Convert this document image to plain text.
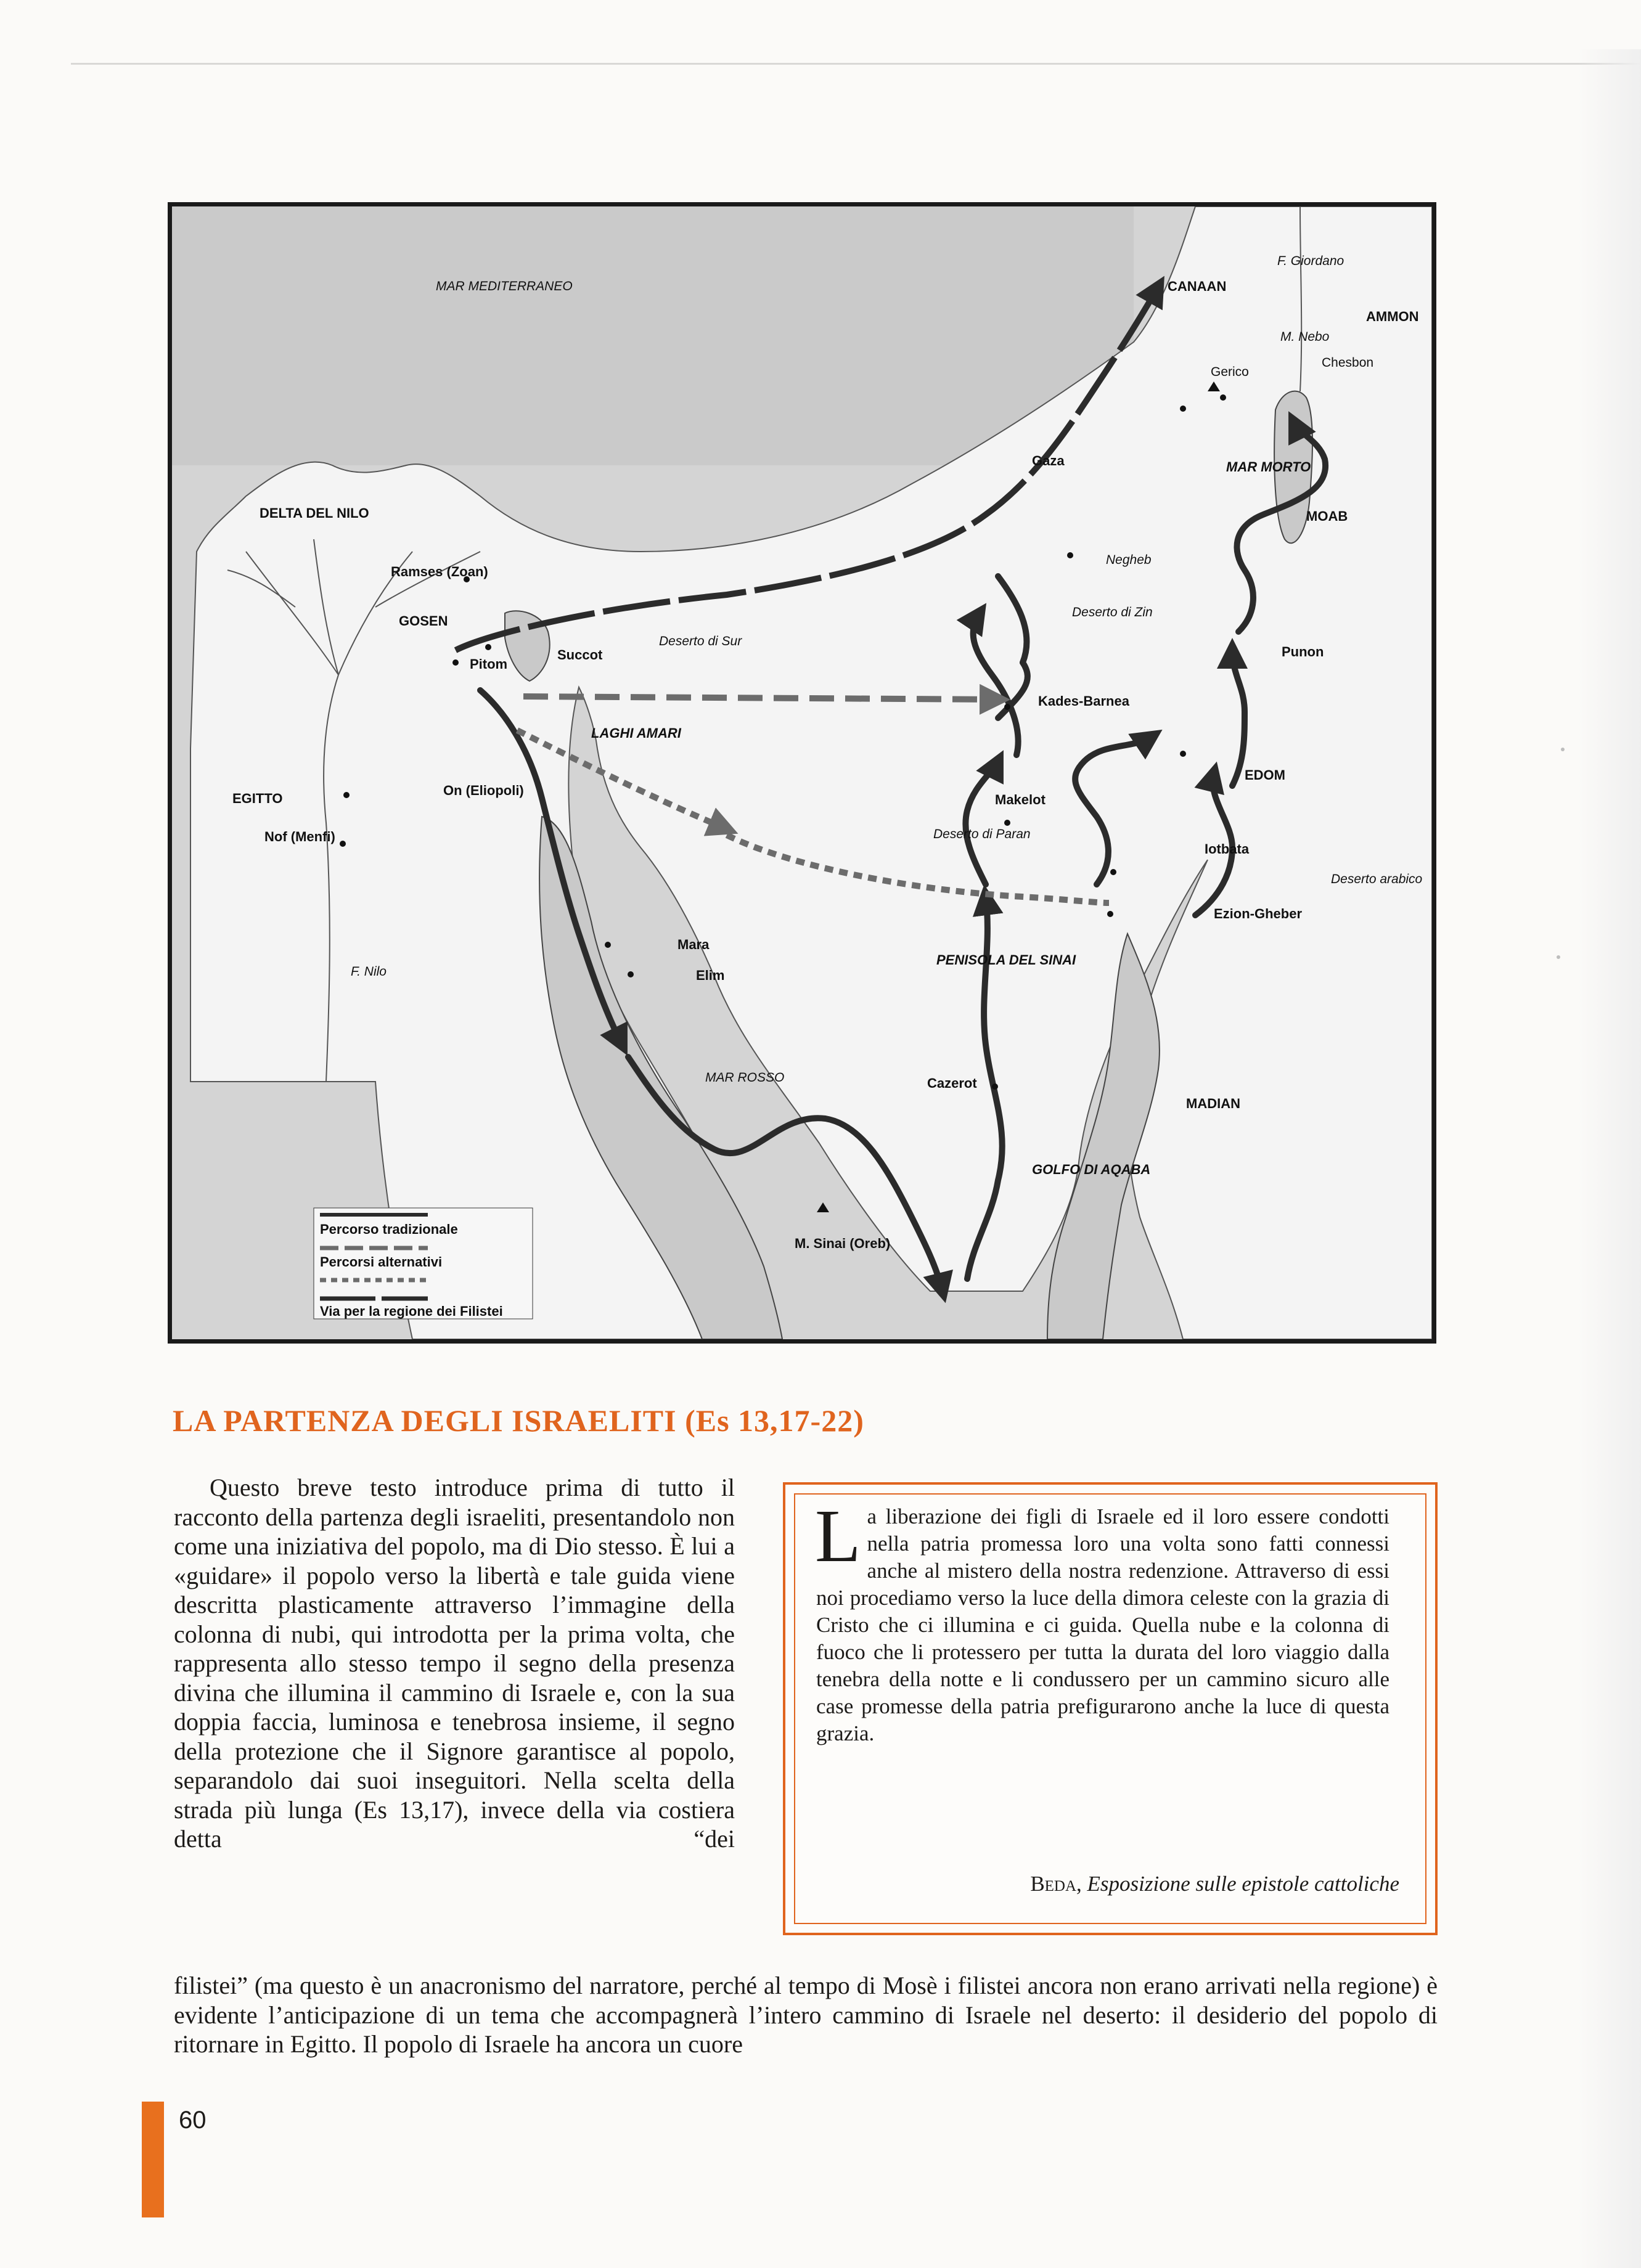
MAR MEDITERRANEO	CANAAN
F. Giordano
AMMON
M. Nebo
Chesbon
Gerico
Gaza	MAR MORTO
MOAB
DELTA DEL NILO
Ramses (Zoan)
GOSEN
Succot
Pitom
Deserto di Sur
Negheb
Deserto di Zin
Punon
Kades-Barnea
LAGHI AMARI
EDOM
EGITTO
On (Eliopoli)
Nof (Menfi)
Makelot
Deserto di Paran
Iotbata
Deserto arabico
Ezion-Gheber
Mara
Elim
F. Nilo
PENISOLA DEL SINAI
MAR ROSSO	Cazerot
MADIAN
GOLFO DI AQABA
M. Sinai (Oreb)
Percorso tradizionale
Percorsi alternativi
Via per la regione dei Filistei
LA PARTENZA DEGLI ISRAELITI (Es 13,17-22)

Questo breve testo introduce prima di tutto il racconto della partenza degli israeliti, presentandolo non come una iniziativa del popolo, ma di Dio stesso. È lui a «guidare» il popolo verso la libertà e tale guida viene descritta plasticamente attraverso l’immagine della colonna di nubi, qui introdotta per la prima volta, che rappresenta allo stesso tempo il segno della presenza divina che illumina il cammino di Israele e, con la sua doppia faccia, luminosa e tenebrosa insieme, il segno della protezione che il Signore garantisce al popolo, separandolo dai suoi inseguitori. Nella scelta della strada più lunga (Es 13,17), invece della via costiera detta “dei

La liberazione dei figli di Israele ed il loro essere condotti nella patria promessa loro una volta sono fatti connessi anche al mistero della nostra redenzione. Attraverso di essi noi procediamo verso la luce della dimora celeste con la grazia di Cristo che ci illumina e ci guida. Quella nube e la colonna di fuoco che li protessero per tutta la durata del loro viaggio dalla tenebra della notte e li condussero per un cammino sicuro alle case promesse della patria prefigurarono anche la luce di questa grazia.

Beda, Esposizione sulle epistole cattoliche

filistei” (ma questo è un anacronismo del narratore, perché al tempo di Mosè i filistei ancora non erano arrivati nella regione) è evidente l’anticipazione di un tema che accompagnerà l’intero cammino di Israele nel deserto: il desiderio del popolo di ritornare in Egitto. Il popolo di Israele ha ancora un cuore

60
